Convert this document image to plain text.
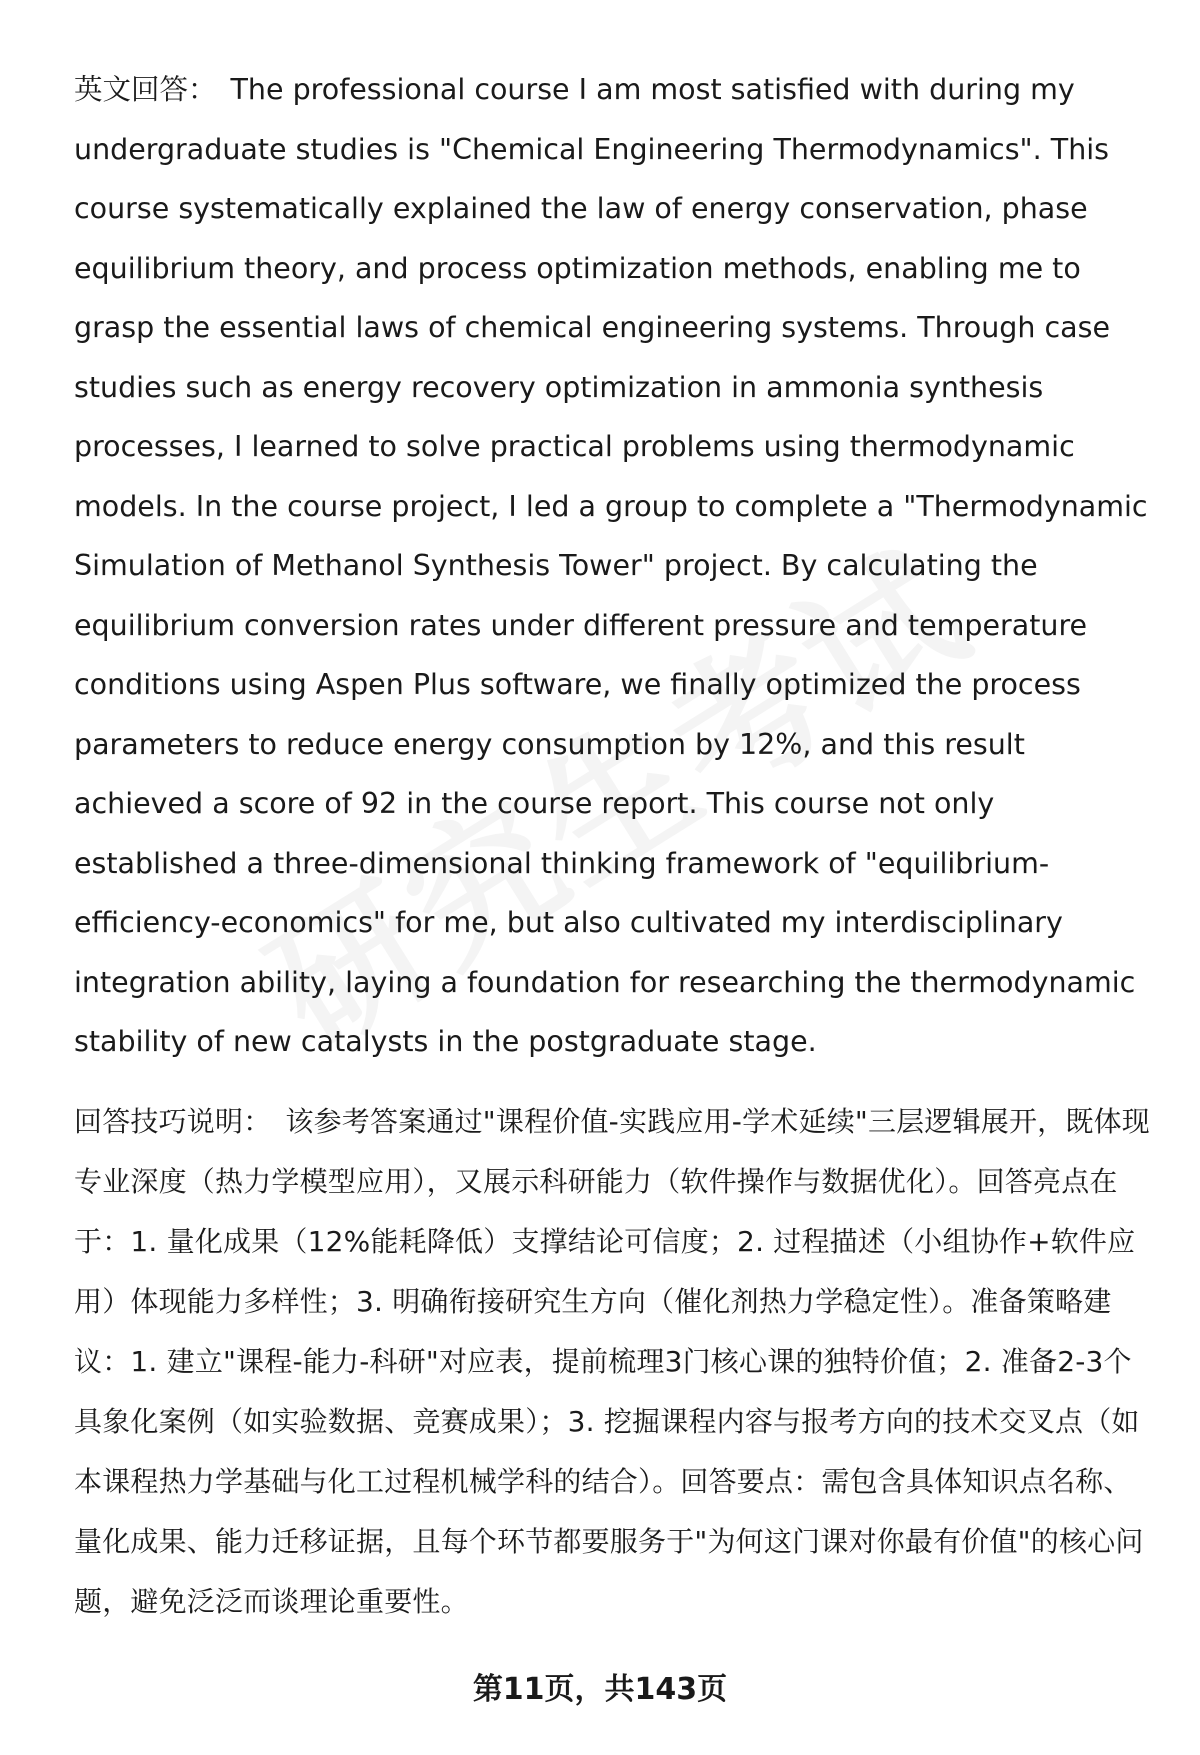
英文回答： The professional course I am most satisfied with during my undergraduate studies is "Chemical Engineering Thermodynamics". This course systematically explained the law of energy conservation, phase equilibrium theory, and process optimization methods, enabling me to grasp the essential laws of chemical engineering systems. Through case studies such as energy recovery optimization in ammonia synthesis processes, I learned to solve practical problems using thermodynamic models. In the course project, I led a group to complete a "Thermodynamic Simulation of Methanol Synthesis Tower" project. By calculating the equilibrium conversion rates under different pressure and temperature conditions using Aspen Plus software, we finally optimized the process parameters to reduce energy consumption by 12%, and this result achieved a score of 92 in the course report. This course not only established a three-dimensional thinking framework of "equilibrium-efficiency-economics" for me, but also cultivated my interdisciplinary integration ability, laying a foundation for researching the thermodynamic stability of new catalysts in the postgraduate stage.
回答技巧说明： 该参考答案通过"课程价值-实践应用-学术延续"三层逻辑展开，既体现专业深度（热力学模型应用），又展示科研能力（软件操作与数据优化）。回答亮点在于：1. 量化成果（12%能耗降低）支撑结论可信度；2. 过程描述（小组协作+软件应用）体现能力多样性；3. 明确衔接研究生方向（催化剂热力学稳定性）。准备策略建议：1. 建立"课程-能力-科研"对应表，提前梳理3门核心课的独特价值；2. 准备2-3个具象化案例（如实验数据、竞赛成果）；3. 挖掘课程内容与报考方向的技术交叉点（如本课程热力学基础与化工过程机械学科的结合）。回答要点：需包含具体知识点名称、量化成果、能力迁移证据，且每个环节都要服务于"为何这门课对你最有价值"的核心问题，避免泛泛而谈理论重要性。
第11页，共143页
